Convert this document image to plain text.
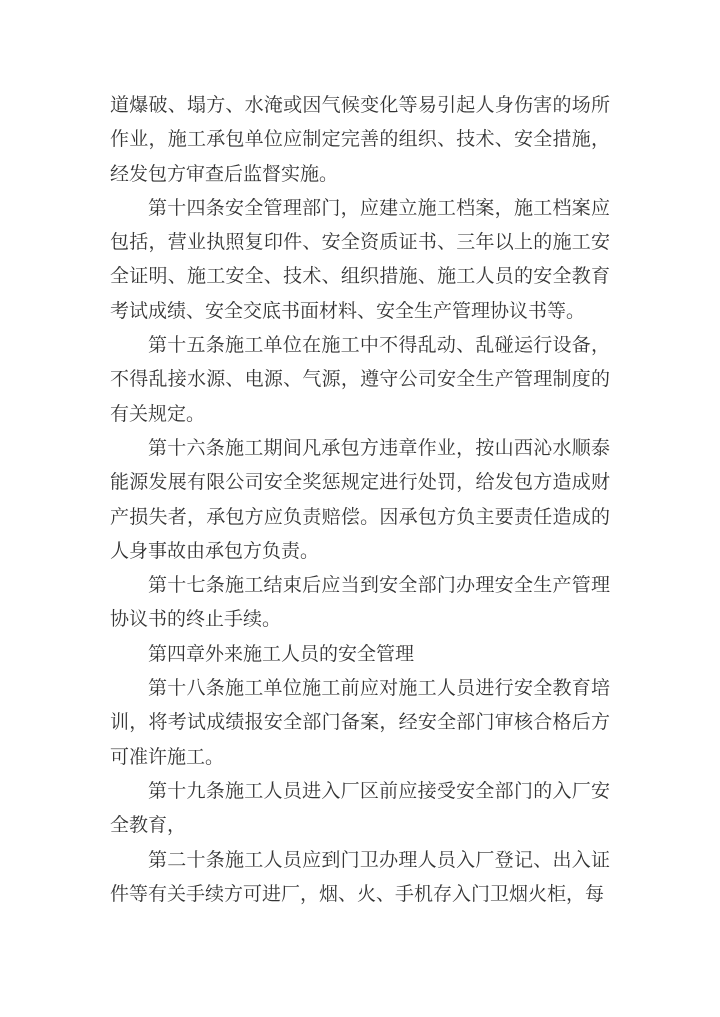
道爆破、塌方、水淹或因气候变化等易引起人身伤害的场所作业，施工承包单位应制定完善的组织、技术、安全措施，经发包方审查后监督实施。

第十四条安全管理部门，应建立施工档案，施工档案应包括，营业执照复印件、安全资质证书、三年以上的施工安全证明、施工安全、技术、组织措施、施工人员的安全教育考试成绩、安全交底书面材料、安全生产管理协议书等。

第十五条施工单位在施工中不得乱动、乱碰运行设备，不得乱接水源、电源、气源，遵守公司安全生产管理制度的有关规定。

第十六条施工期间凡承包方违章作业，按山西沁水顺泰能源发展有限公司安全奖惩规定进行处罚，给发包方造成财产损失者，承包方应负责赔偿。因承包方负主要责任造成的人身事故由承包方负责。

第十七条施工结束后应当到安全部门办理安全生产管理协议书的终止手续。

第四章外来施工人员的安全管理

第十八条施工单位施工前应对施工人员进行安全教育培训，将考试成绩报安全部门备案，经安全部门审核合格后方可准许施工。

第十九条施工人员进入厂区前应接受安全部门的入厂安全教育，

第二十条施工人员应到门卫办理人员入厂登记、出入证件等有关手续方可进厂，烟、火、手机存入门卫烟火柜，每
